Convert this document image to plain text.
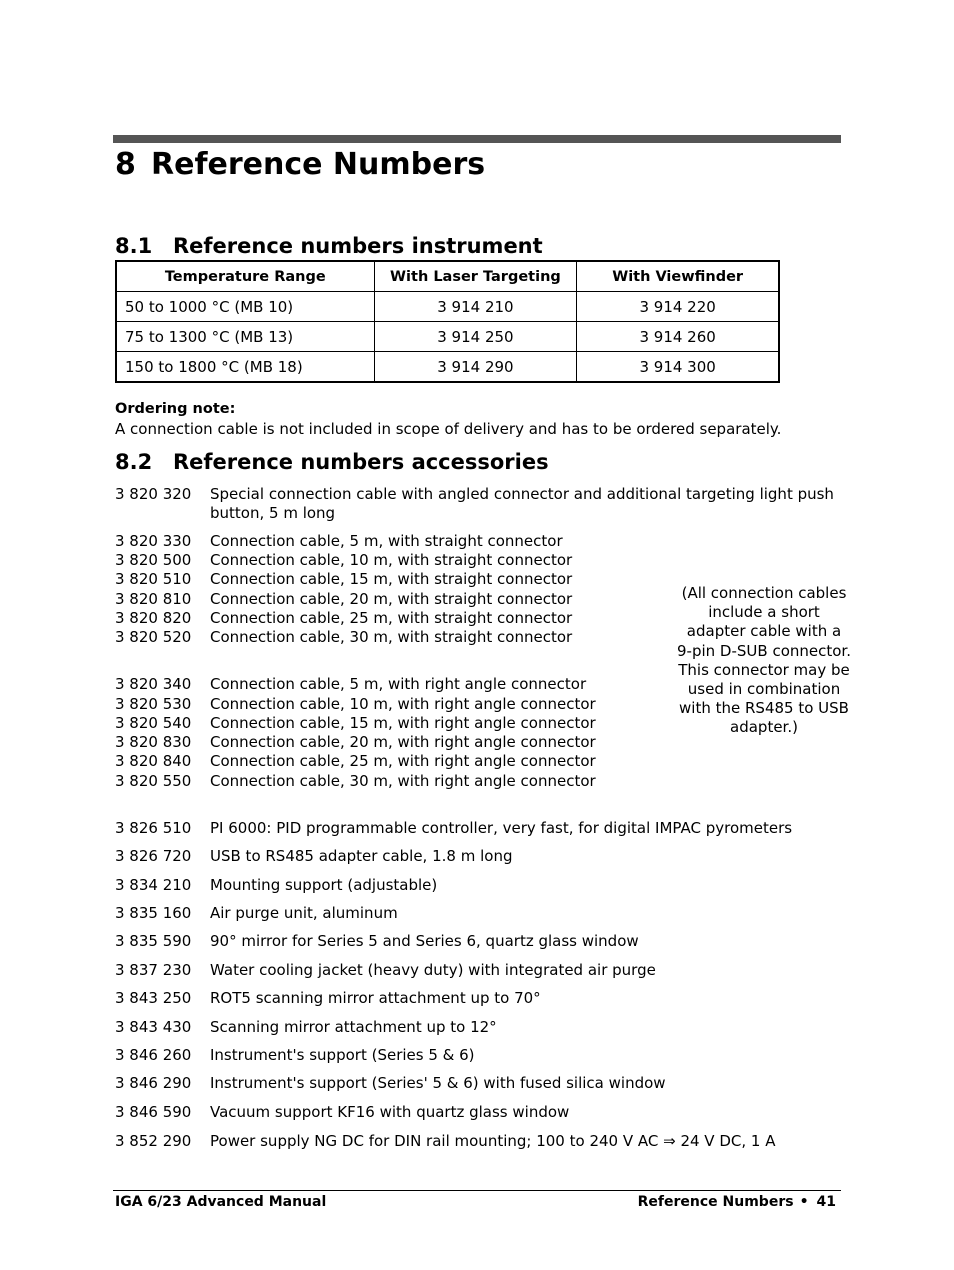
8 Reference Numbers
8.1 Reference numbers instrument
Temperature Range	With Laser Targeting	With Viewfinder
50 to 1000 °C (MB 10)	3 914 210	3 914 220
75 to 1300 °C (MB 13)	3 914 250	3 914 260
150 to 1800 °C (MB 18)	3 914 290	3 914 300
Ordering note:
A connection cable is not included in scope of delivery and has to be ordered separately.
8.2 Reference numbers accessories
3 820 320	Special connection cable with angled connector and additional targeting light push button, 5 m long
3 820 330	Connection cable, 5 m, with straight connector
3 820 500	Connection cable, 10 m, with straight connector
3 820 510	Connection cable, 15 m, with straight connector
3 820 810	Connection cable, 20 m, with straight connector
3 820 820	Connection cable, 25 m, with straight connector
3 820 520	Connection cable, 30 m, with straight connector
3 820 340	Connection cable, 5 m, with right angle connector
3 820 530	Connection cable, 10 m, with right angle connector
3 820 540	Connection cable, 15 m, with right angle connector
3 820 830	Connection cable, 20 m, with right angle connector
3 820 840	Connection cable, 25 m, with right angle connector
3 820 550	Connection cable, 30 m, with right angle connector
(All connection cables include a short adapter cable with a 9-pin D-SUB connector. This connector may be used in combination with the RS485 to USB adapter.)
3 826 510	PI 6000: PID programmable controller, very fast, for digital IMPAC pyrometers
3 826 720	USB to RS485 adapter cable, 1.8 m long
3 834 210	Mounting support (adjustable)
3 835 160	Air purge unit, aluminum
3 835 590	90° mirror for Series 5 and Series 6, quartz glass window
3 837 230	Water cooling jacket (heavy duty) with integrated air purge
3 843 250	ROT5 scanning mirror attachment up to 70°
3 843 430	Scanning mirror attachment up to 12°
3 846 260	Instrument's support (Series 5 & 6)
3 846 290	Instrument's support (Series' 5 & 6) with fused silica window
3 846 590	Vacuum support KF16 with quartz glass window
3 852 290	Power supply NG DC for DIN rail mounting; 100 to 240 V AC ⇒ 24 V DC, 1 A
IGA 6/23 Advanced Manual	Reference Numbers • 41
